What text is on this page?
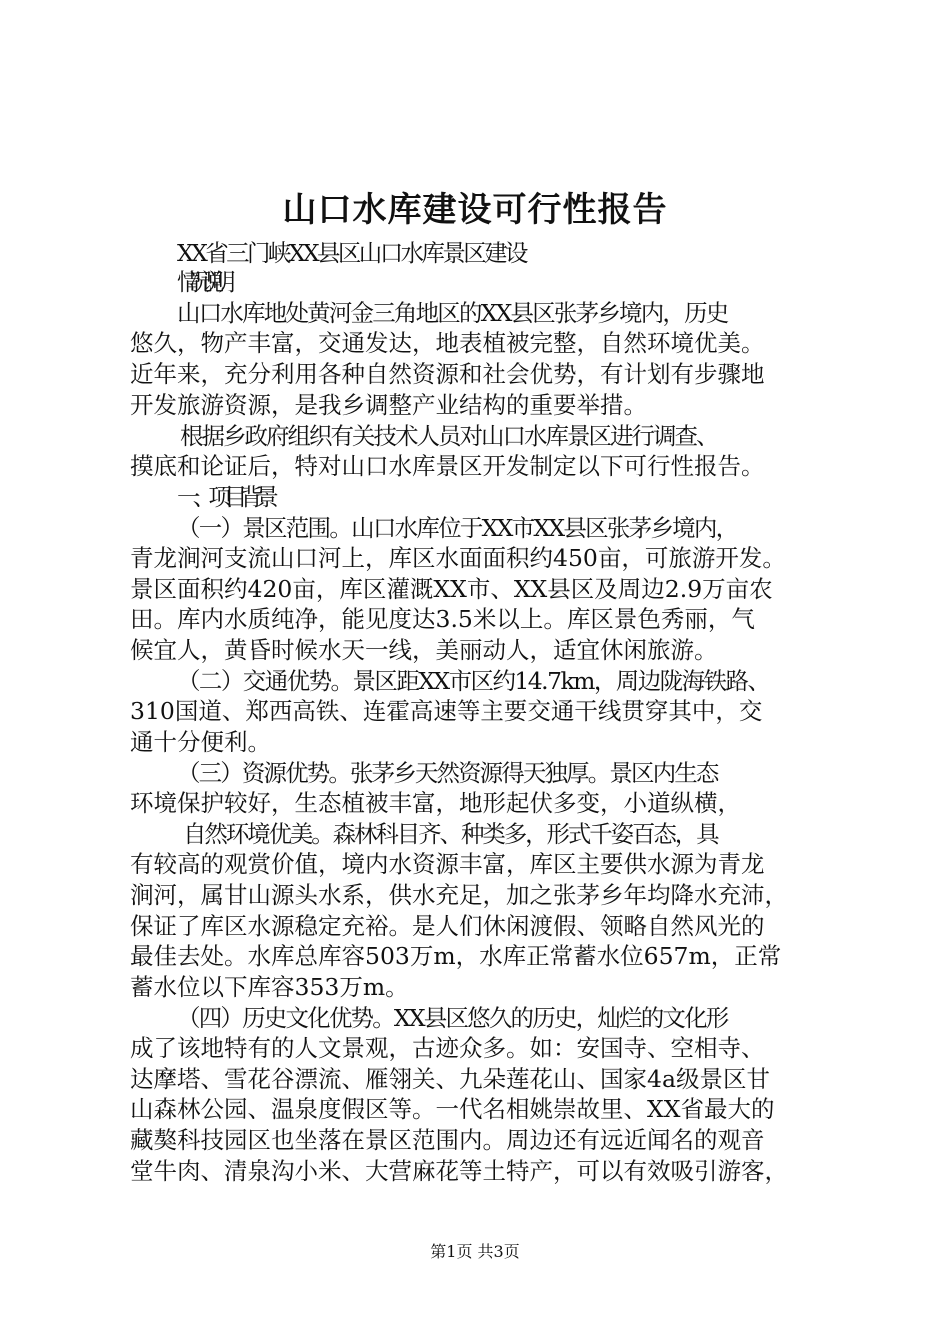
山口水库建设可行性报告
XX省三门峡XX县区山口水库景区建设
情况说明
山口水库地处黄河金三角地区的XX县区张茅乡境内，历史
悠久，物产丰富，交通发达，地表植被完整，自然环境优美。
近年来，充分利用各种自然资源和社会优势，有计划有步骤地
开发旅游资源，是我乡调整产业结构的重要举措。
根据乡政府组织有关技术人员对山口水库景区进行调查、
摸底和论证后，特对山口水库景区开发制定以下可行性报告。
一、项目背景
（一）景区范围。山口水库位于XX市XX县区张茅乡境内，
青龙涧河支流山口河上，库区水面面积约450亩，可旅游开发。
景区面积约420亩，库区灌溉XX市、XX县区及周边2.9万亩农
田。库内水质纯净，能见度达3.5米以上。库区景色秀丽，气
候宜人，黄昏时候水天一线，美丽动人，适宜休闲旅游。
（二）交通优势。景区距XX市区约14.7km，周边陇海铁路、
310国道、郑西高铁、连霍高速等主要交通干线贯穿其中，交
通十分便利。
（三）资源优势。张茅乡天然资源得天独厚。景区内生态
环境保护较好，生态植被丰富，地形起伏多变，小道纵横，
自然环境优美。森林科目齐、种类多，形式千姿百态，具
有较高的观赏价值，境内水资源丰富，库区主要供水源为青龙
涧河，属甘山源头水系，供水充足，加之张茅乡年均降水充沛，
保证了库区水源稳定充裕。是人们休闲渡假、领略自然风光的
最佳去处。水库总库容503万m，水库正常蓄水位657m，正常
蓄水位以下库容353万m。
（四）历史文化优势。XX县区悠久的历史，灿烂的文化形
成了该地特有的人文景观，古迹众多。如：安国寺、空相寺、
达摩塔、雪花谷漂流、雁翎关、九朵莲花山、国家4a级景区甘
山森林公园、温泉度假区等。一代名相姚崇故里、XX省最大的
藏獒科技园区也坐落在景区范围内。周边还有远近闻名的观音
堂牛肉、清泉沟小米、大营麻花等土特产，可以有效吸引游客，
第1页 共3页
